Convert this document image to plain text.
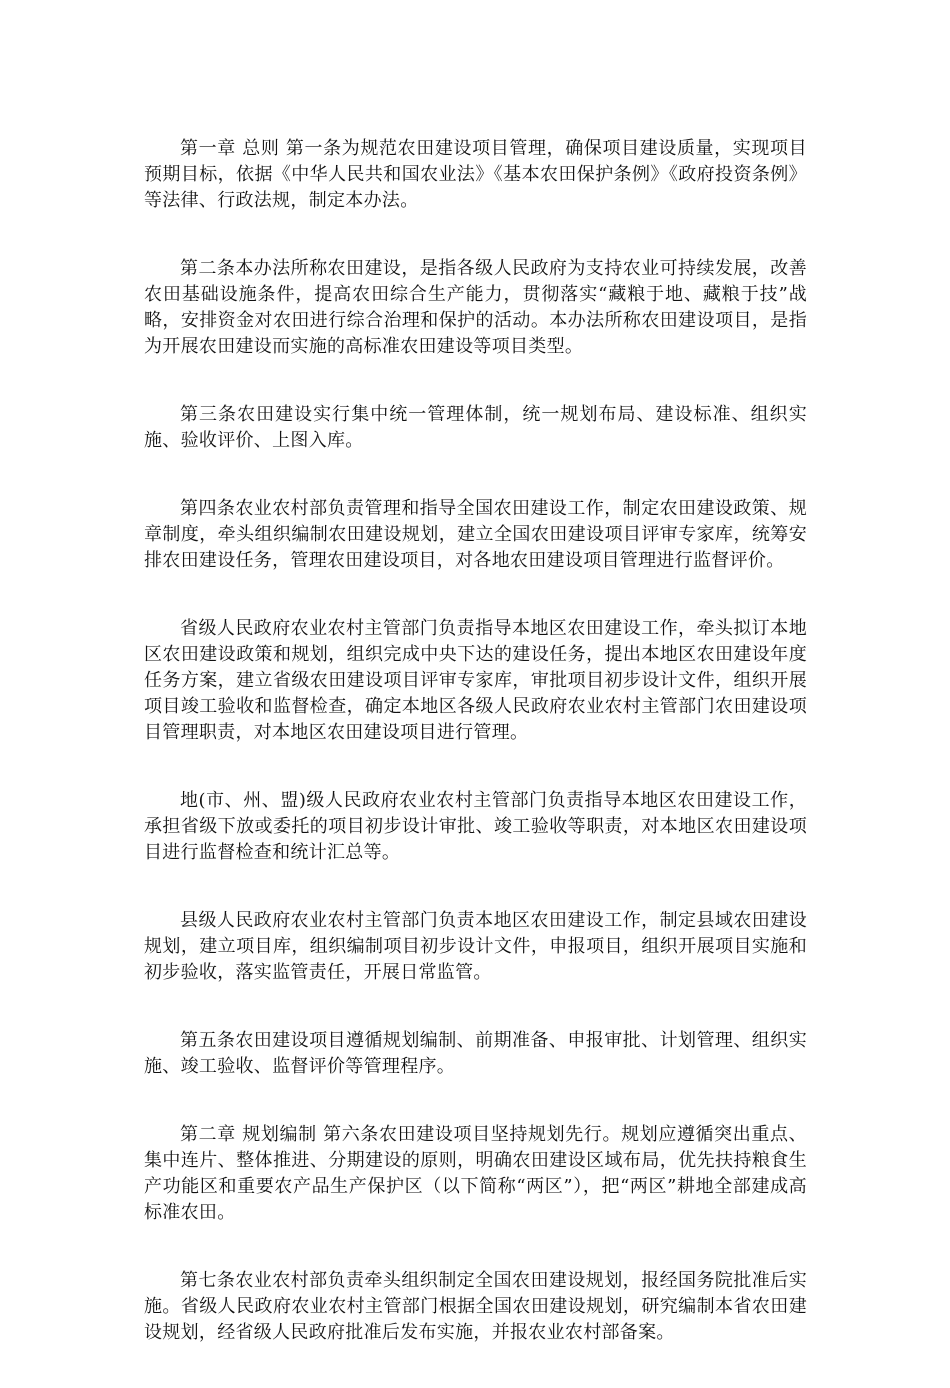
第一章 总则 第一条为规范农田建设项目管理，确保项目建设质量，实现项目预期目标，依据《中华人民共和国农业法》《基本农田保护条例》《政府投资条例》等法律、行政法规，制定本办法。

第二条本办法所称农田建设，是指各级人民政府为支持农业可持续发展，改善农田基础设施条件，提高农田综合生产能力，贯彻落实“藏粮于地、藏粮于技”战略，安排资金对农田进行综合治理和保护的活动。本办法所称农田建设项目，是指为开展农田建设而实施的高标准农田建设等项目类型。

第三条农田建设实行集中统一管理体制，统一规划布局、建设标准、组织实施、验收评价、上图入库。

第四条农业农村部负责管理和指导全国农田建设工作，制定农田建设政策、规章制度，牵头组织编制农田建设规划，建立全国农田建设项目评审专家库，统筹安排农田建设任务，管理农田建设项目，对各地农田建设项目管理进行监督评价。

省级人民政府农业农村主管部门负责指导本地区农田建设工作，牵头拟订本地区农田建设政策和规划，组织完成中央下达的建设任务，提出本地区农田建设年度任务方案，建立省级农田建设项目评审专家库，审批项目初步设计文件，组织开展项目竣工验收和监督检查，确定本地区各级人民政府农业农村主管部门农田建设项目管理职责，对本地区农田建设项目进行管理。

地(市、州、盟)级人民政府农业农村主管部门负责指导本地区农田建设工作，承担省级下放或委托的项目初步设计审批、竣工验收等职责，对本地区农田建设项目进行监督检查和统计汇总等。

县级人民政府农业农村主管部门负责本地区农田建设工作，制定县域农田建设规划，建立项目库，组织编制项目初步设计文件，申报项目，组织开展项目实施和初步验收，落实监管责任，开展日常监管。

第五条农田建设项目遵循规划编制、前期准备、申报审批、计划管理、组织实施、竣工验收、监督评价等管理程序。

第二章 规划编制 第六条农田建设项目坚持规划先行。规划应遵循突出重点、集中连片、整体推进、分期建设的原则，明确农田建设区域布局，优先扶持粮食生产功能区和重要农产品生产保护区（以下简称“两区”），把“两区”耕地全部建成高标准农田。

第七条农业农村部负责牵头组织制定全国农田建设规划，报经国务院批准后实施。省级人民政府农业农村主管部门根据全国农田建设规划，研究编制本省农田建设规划，经省级人民政府批准后发布实施，并报农业农村部备案。
